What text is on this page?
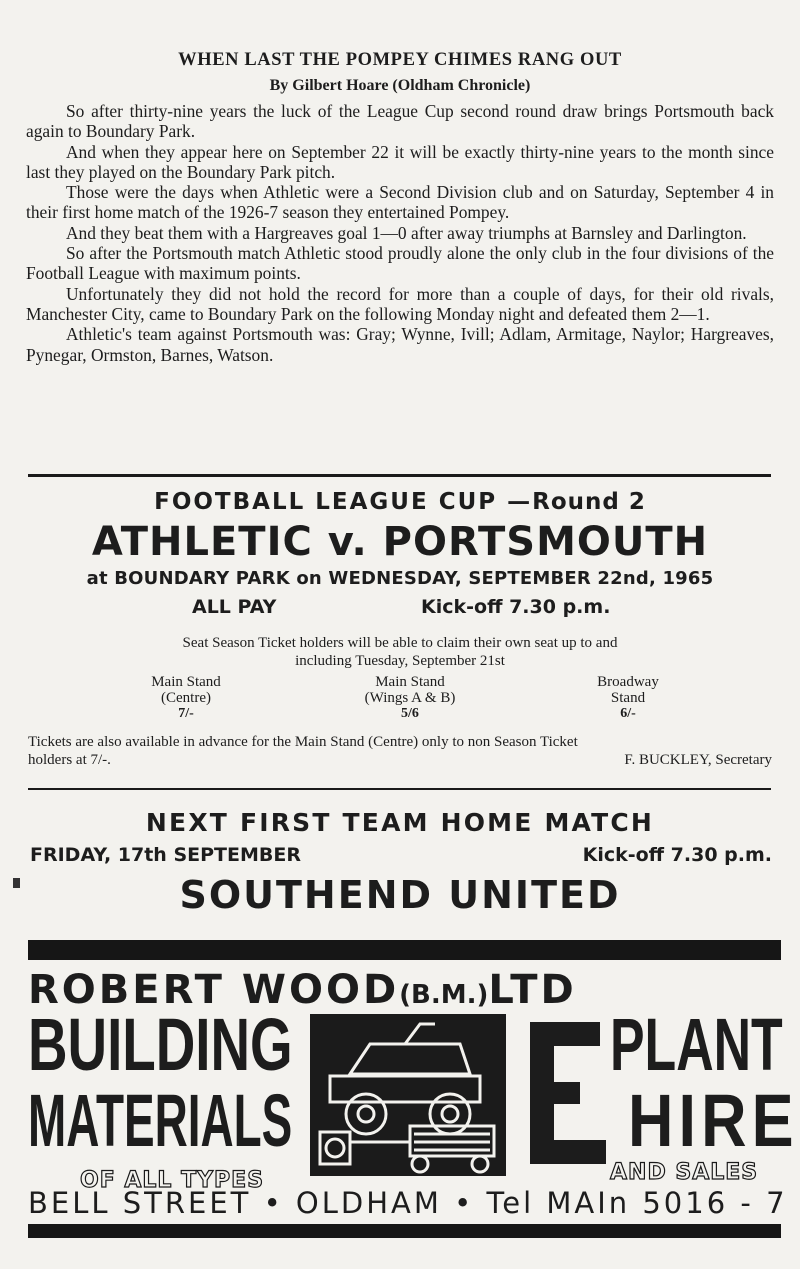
WHEN LAST THE POMPEY CHIMES RANG OUT
By Gilbert Hoare (Oldham Chronicle)

So after thirty-nine years the luck of the League Cup second round draw brings Portsmouth back again to Boundary Park.

And when they appear here on September 22 it will be exactly thirty-nine years to the month since last they played on the Boundary Park pitch.

Those were the days when Athletic were a Second Division club and on Saturday, September 4 in their first home match of the 1926-7 season they entertained Pompey.

And they beat them with a Hargreaves goal 1—0 after away triumphs at Barnsley and Darlington.

So after the Portsmouth match Athletic stood proudly alone the only club in the four divisions of the Football League with maximum points.

Unfortunately they did not hold the record for more than a couple of days, for their old rivals, Manchester City, came to Boundary Park on the following Monday night and defeated them 2—1.

Athletic's team against Portsmouth was: Gray; Wynne, Ivill; Adlam, Armitage, Naylor; Hargreaves, Pynegar, Ormston, Barnes, Watson.

FOOTBALL LEAGUE CUP —Round 2
ATHLETIC v. PORTSMOUTH
at BOUNDARY PARK on WEDNESDAY, SEPTEMBER 22nd, 1965
ALL PAY	Kick-off 7.30 p.m.
Seat Season Ticket holders will be able to claim their own seat up to and
including Tuesday, September 21st
Main Stand
(Centre)
7/-
Main Stand
(Wings A & B)
5/6
Broadway
Stand
6/-
Tickets are also available in advance for the Main Stand (Centre) only to non Season Ticket
holders at 7/-.	F. BUCKLEY, Secretary
NEXT FIRST TEAM HOME MATCH
FRIDAY, 17th SEPTEMBER	Kick-off 7.30 p.m.
SOUTHEND UNITED
ROBERT WOOD(B.M.)LTD
BUILDING
MATERIALS
PLANT
HIRE
OF ALL TYPES	AND SALES
BELL STREET • OLDHAM • Tel MAIn 5016 - 7
